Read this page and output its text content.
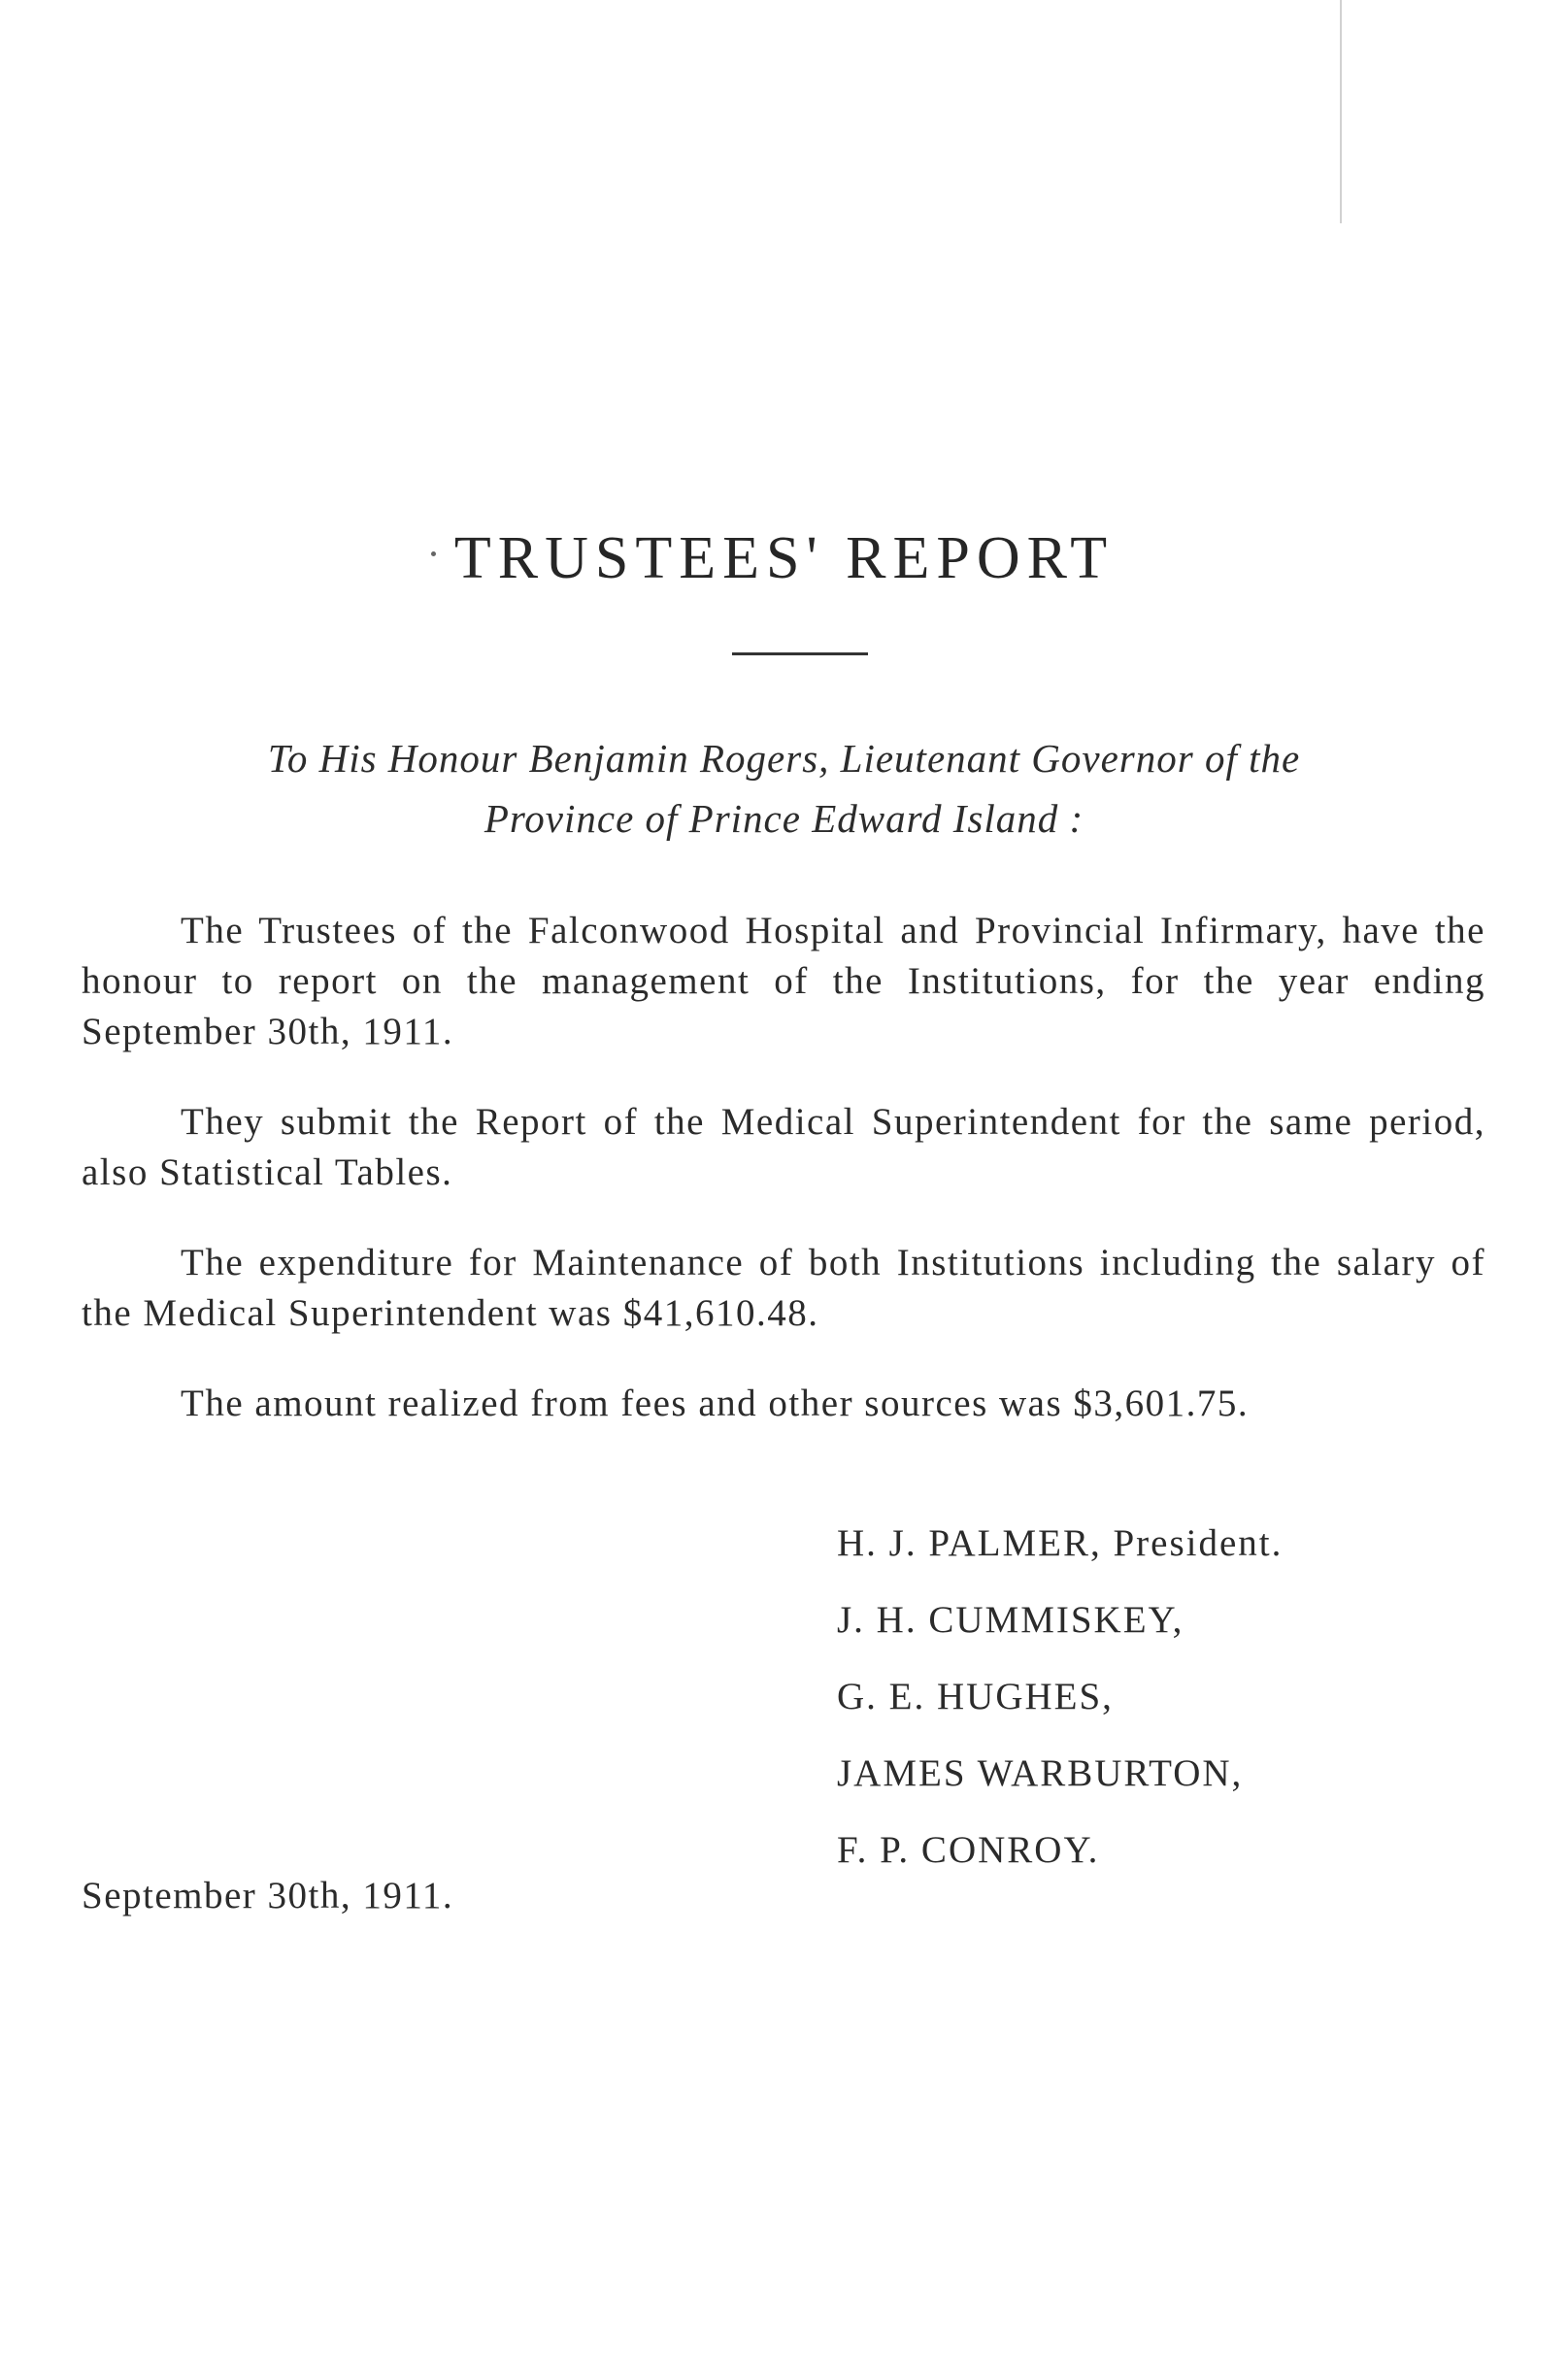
TRUSTEES' REPORT
To His Honour Benjamin Rogers, Lieutenant Governor of the
Province of Prince Edward Island :
The Trustees of the Falconwood Hospital and Provincial Infirmary, have the honour to report on the management of the Institutions, for the year ending September 30th, 1911.
They submit the Report of the Medical Superintendent for the same period, also Statistical Tables.
The expenditure for Maintenance of both Institutions including the salary of the Medical Superintendent was $41,610.48.
The amount realized from fees and other sources was $3,601.75.
H. J. PALMER, President.
J. H. CUMMISKEY,
G. E. HUGHES,
JAMES WARBURTON,
F. P. CONROY.
September 30th, 1911.
